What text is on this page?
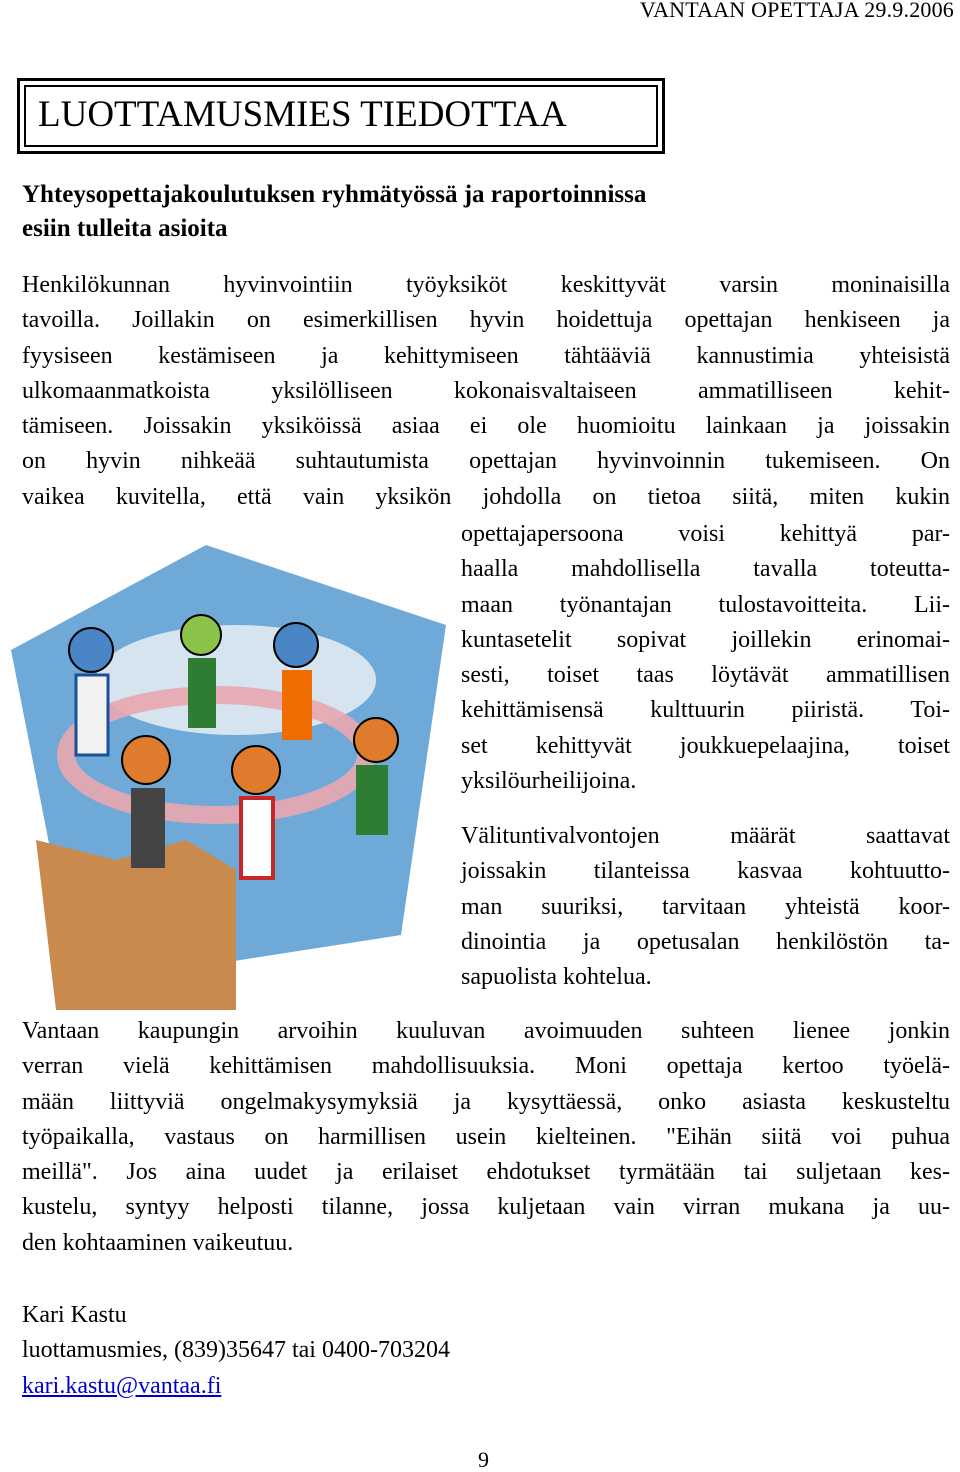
VANTAAN OPETTAJA 29.9.2006
LUOTTAMUSMIES TIEDOTTAA
Yhteysopettajakoulutuksen ryhmätyössä ja raportoinnissa
esiin tulleita asioita
Henkilökunnan hyvinvointiin työyksiköt keskittyvät varsin moninaisilla
tavoilla. Joillakin on esimerkillisen hyvin hoidettuja opettajan henkiseen ja
fyysiseen kestämiseen ja kehittymiseen tähtääviä kannustimia yhteisistä
ulkomaanmatkoista yksilölliseen kokonaisvaltaiseen ammatilliseen kehit-
tämiseen. Joissakin yksiköissä asiaa ei ole huomioitu lainkaan ja joissakin
on hyvin nihkeää suhtautumista opettajan hyvinvoinnin tukemiseen. On
vaikea kuvitella, että vain yksikön johdolla on tietoa siitä, miten kukin
opettajapersoona voisi kehittyä par-
haalla mahdollisella tavalla toteutta-
maan työnantajan tulostavoitteita. Lii-
kuntasetelit sopivat joillekin erinomai-
sesti, toiset taas löytävät ammatillisen
kehittämisensä kulttuurin piiristä. Toi-
set kehittyvät joukkuepelaajina, toiset
yksilöurheilijoina.
Välituntivalvontojen määrät saattavat
joissakin tilanteissa kasvaa kohtuutto-
man suuriksi, tarvitaan yhteistä koor-
dinointia ja opetusalan henkilöstön ta-
sapuolista kohtelua.
Vantaan kaupungin arvoihin kuuluvan avoimuuden suhteen lienee jonkin
verran vielä kehittämisen mahdollisuuksia. Moni opettaja kertoo työelä-
mään liittyviä ongelmakysymyksiä ja kysyttäessä, onko asiasta keskusteltu
työpaikalla, vastaus on harmillisen usein kielteinen. "Eihän siitä voi puhua
meillä". Jos aina uudet ja erilaiset ehdotukset tyrmätään tai suljetaan kes-
kustelu, syntyy helposti tilanne, jossa kuljetaan vain virran mukana ja uu-
den kohtaaminen vaikeutuu.
Kari Kastu
luottamusmies, (839)35647 tai 0400-703204
kari.kastu@vantaa.fi
9
